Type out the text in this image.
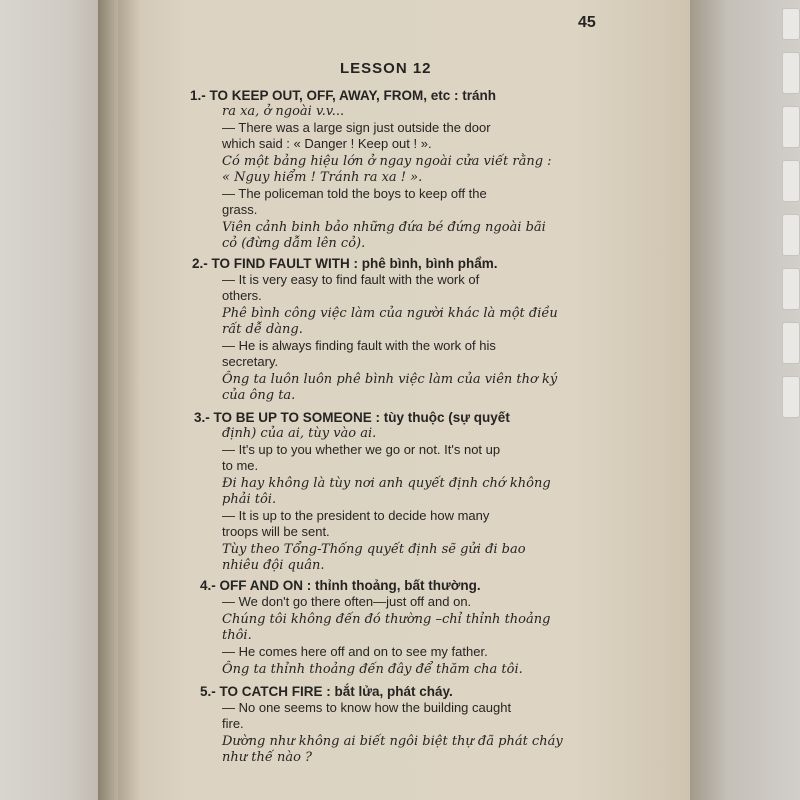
45
LESSON 12
1.- TO KEEP OUT, OFF, AWAY, FROM, etc : tránh
ra xa, ở ngoài v.v...
— There was a large sign just outside the door
which said : « Danger ! Keep out ! ».
Có một bảng hiệu lớn ở ngay ngoài cửa viết rằng :
« Nguy hiểm ! Tránh ra xa ! ».
— The policeman told the boys to keep off the
grass.
Viên cảnh binh bảo những đứa bé đứng ngoài bãi
cỏ (đừng dẫm lên cỏ).
2.- TO FIND FAULT WITH : phê bình, bình phẩm.
— It is very easy to find fault with the work of
others.
Phê bình công việc làm của người khác là một điều
rất dễ dàng.
— He is always finding fault with the work of his
secretary.
Ông ta luôn luôn phê bình việc làm của viên thơ ký
của ông ta.
3.- TO BE UP TO SOMEONE : tùy thuộc (sự quyết
định) của ai, tùy vào ai.
— It's up to you whether we go or not. It's not up
to me.
Đi hay không là tùy nơi anh quyết định chớ không
phải tôi.
— It is up to the president to decide how many
troops will be sent.
Tùy theo Tổng-Thống quyết định sẽ gửi đi bao
nhiêu đội quân.
4.- OFF AND ON : thỉnh thoảng, bất thường.
— We don't go there often—just off and on.
Chúng tôi không đến đó thường –chỉ thỉnh thoảng
thôi.
— He comes here off and on to see my father.
Ông ta thỉnh thoảng đến đây để thăm cha tôi.
5.- TO CATCH FIRE : bắt lửa, phát cháy.
— No one seems to know how the building caught
fire.
Dường như không ai biết ngôi biệt thự đã phát cháy
như thế nào ?
